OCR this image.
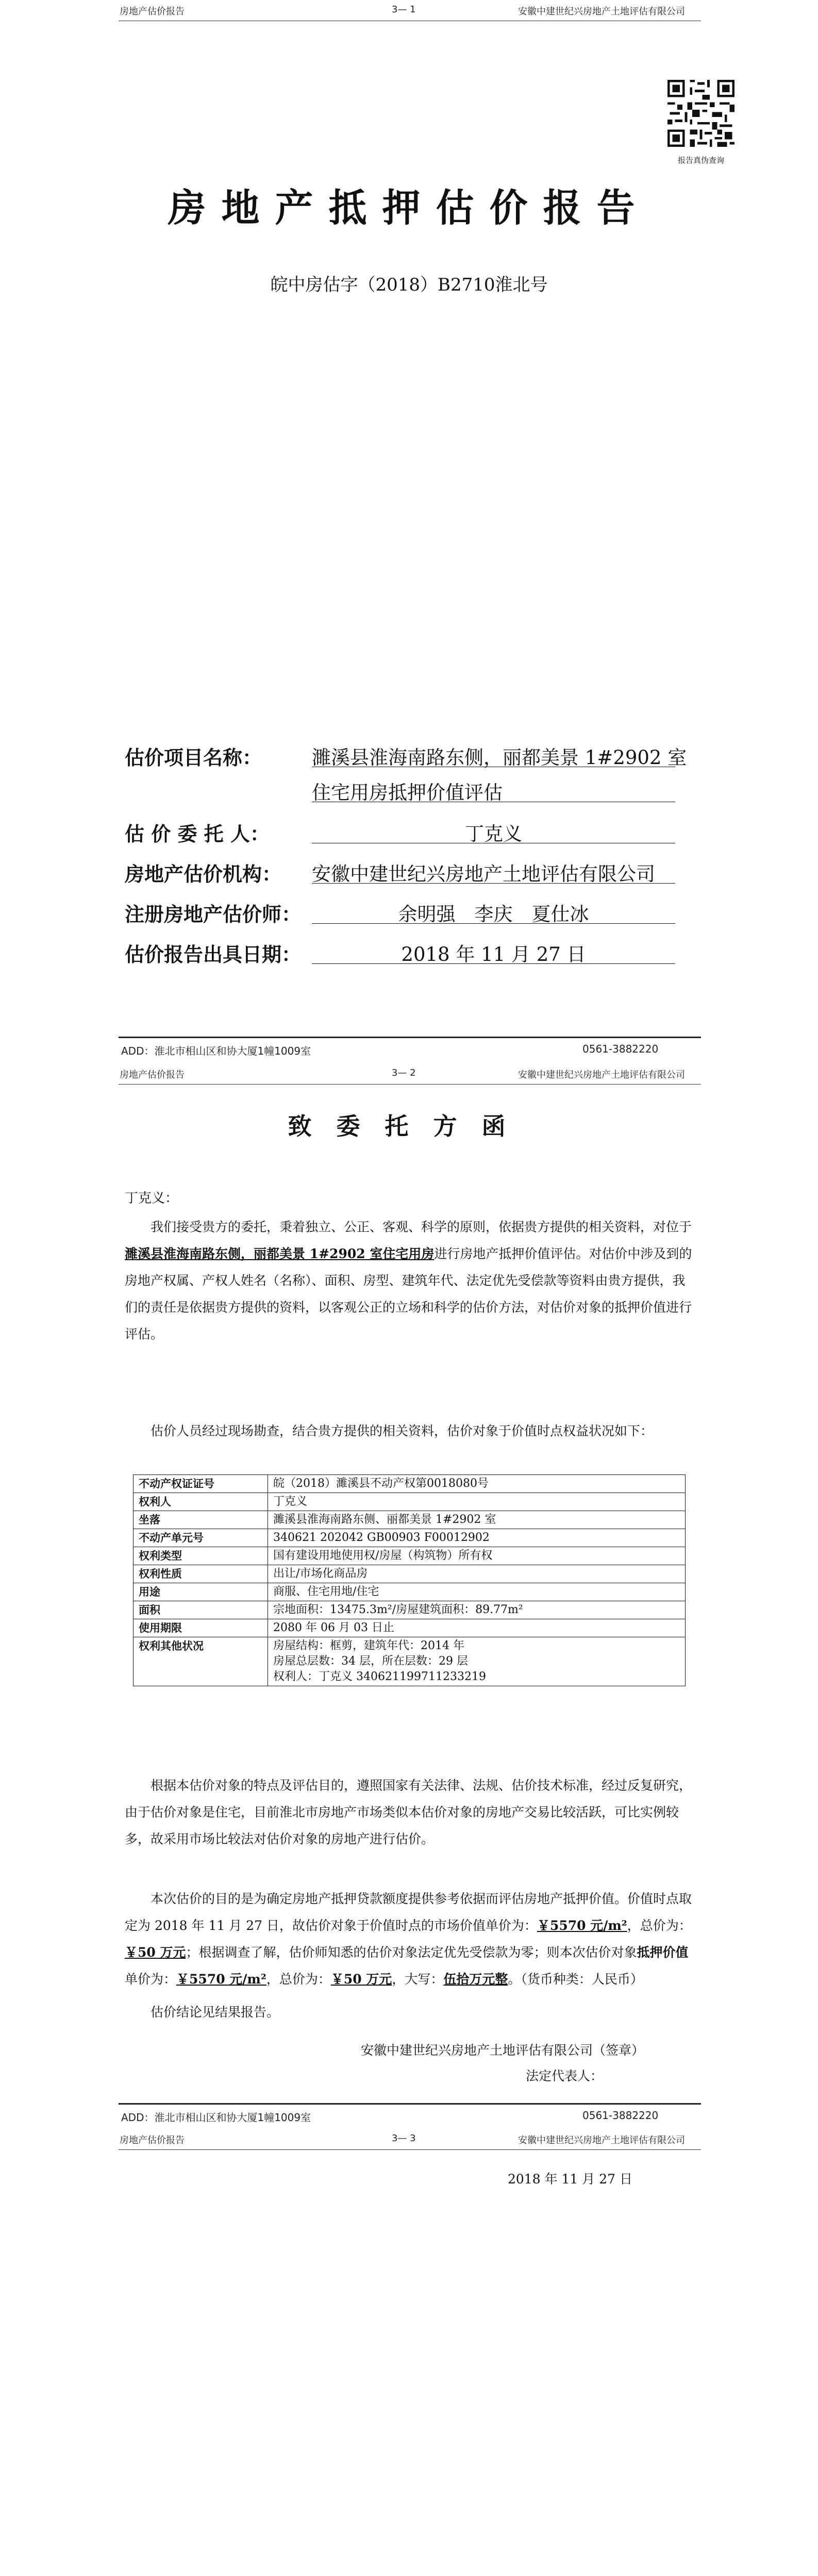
房地产估价报告	3— 1	安徽中建世纪兴房地产土地评估有限公司
报告真伪查询
房地产抵押估价报告
皖中房估字（2018）B2710淮北号
估价项目名称：	濉溪县淮海南路东侧，丽都美景 1#2902 室
住宅用房抵押价值评估
估 价 委 托 人：	丁克义
房地产估价机构： 安徽中建世纪兴房地产土地评估有限公司
注册房地产估价师：	余明强　李庆　夏仕冰
估价报告出具日期：	2018 年 11 月 27 日
ADD：淮北市相山区和协大厦1幢1009室	0561-3882220
房地产估价报告	3— 2	安徽中建世纪兴房地产土地评估有限公司
致委托方函
丁克义：
我们接受贵方的委托，秉着独立、公正、客观、科学的原则，依据贵方提供的相关资料，对位于濉溪县淮海南路东侧，丽都美景 1#2902 室住宅用房进行房地产抵押价值评估。对估价中涉及到的房地产权属、产权人姓名（名称）、面积、房型、建筑年代、法定优先受偿款等资料由贵方提供，我们的责任是依据贵方提供的资料，以客观公正的立场和科学的估价方法，对估价对象的抵押价值进行评估。
估价人员经过现场勘查，结合贵方提供的相关资料，估价对象于价值时点权益状况如下：
不动产权证证号	皖（2018）濉溪县不动产权第0018080号

权利人	丁克义

坐落	濉溪县淮海南路东侧、丽都美景 1#2902 室

不动产单元号	340621 202042 GB00903 F00012902

权利类型	国有建设用地使用权/房屋（构筑物）所有权

权利性质	出让/市场化商品房

用途	商服、住宅用地/住宅

面积	宗地面积：13475.3m²/房屋建筑面积：89.77m²

使用期限	2080 年 06 月 03 日止

权利其他状况	房屋结构：框剪，建筑年代：2014 年
房屋总层数：34 层，所在层数：29 层
权利人：丁克义 340621199711233219
根据本估价对象的特点及评估目的，遵照国家有关法律、法规、估价技术标准，经过反复研究，由于估价对象是住宅，目前淮北市房地产市场类似本估价对象的房地产交易比较活跃，可比实例较多，故采用市场比较法对估价对象的房地产进行估价。
本次估价的目的是为确定房地产抵押贷款额度提供参考依据而评估房地产抵押价值。价值时点取定为 2018 年 11 月 27 日，故估价对象于价值时点的市场价值单价为：￥5570 元/m²，总价为：￥50 万元；根据调查了解，估价师知悉的估价对象法定优先受偿款为零；则本次估价对象抵押价值单价为：￥5570 元/m²，总价为：￥50 万元，大写：伍拾万元整。（货币种类：人民币）
估价结论见结果报告。
安徽中建世纪兴房地产土地评估有限公司（签章）
法定代表人：
ADD：淮北市相山区和协大厦1幢1009室	0561-3882220
房地产估价报告	3— 3	安徽中建世纪兴房地产土地评估有限公司
2018 年 11 月 27 日
